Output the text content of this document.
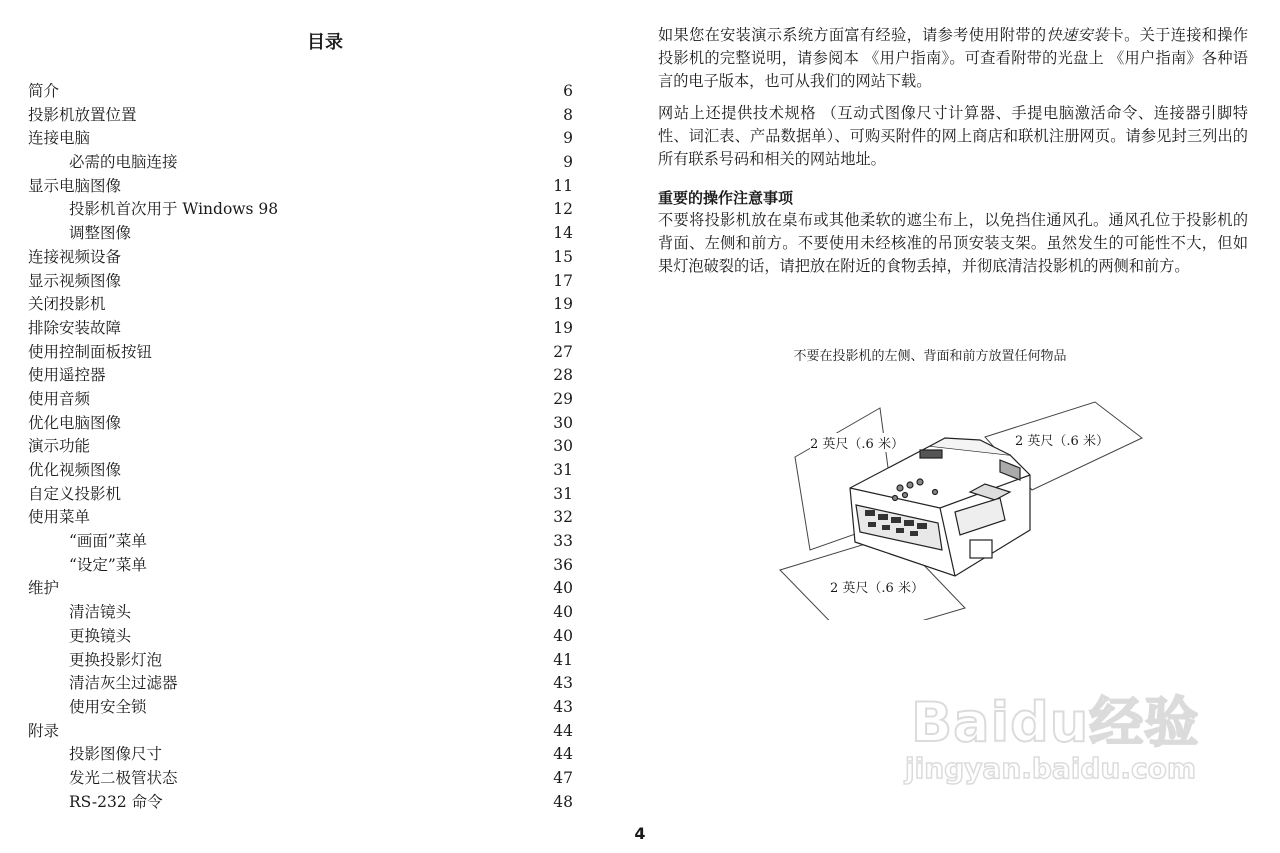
目录
简介	6
投影机放置位置	8
连接电脑	9
必需的电脑连接	9
显示电脑图像	11
投影机首次用于 Windows 98	12
调整图像	14
连接视频设备	15
显示视频图像	17
关闭投影机	19
排除安装故障	19
使用控制面板按钮	27
使用遥控器	28
使用音频	29
优化电脑图像	30
演示功能	30
优化视频图像	31
自定义投影机	31
使用菜单	32
“画面”菜单	33
“设定”菜单	36
维护	40
清洁镜头	40
更换镜头	40
更换投影灯泡	41
清洁灰尘过滤器	43
使用安全锁	43
附录	44
投影图像尺寸	44
发光二极管状态	47
RS-232 命令	48

如果您在安装演示系统方面富有经验，请参考使用附带的快速安装卡。关于连接和操作投影机的完整说明，请参阅本 《用户指南》。可查看附带的光盘上 《用户指南》各种语言的电子版本，也可从我们的网站下载。

网站上还提供技术规格 （互动式图像尺寸计算器、手提电脑激活命令、连接器引脚特性、词汇表、产品数据单）、可购买附件的网上商店和联机注册网页。请参见封三列出的所有联系号码和相关的网站地址。

重要的操作注意事项

不要将投影机放在桌布或其他柔软的遮尘布上，以免挡住通风孔。通风孔位于投影机的背面、左侧和前方。不要使用未经核准的吊顶安装支架。虽然发生的可能性不大，但如果灯泡破裂的话，请把放在附近的食物丢掉，并彻底清洁投影机的两侧和前方。

不要在投影机的左侧、背面和前方放置任何物品
2 英尺（.6 米）	2 英尺（.6 米）
2 英尺（.6 米）
Baidu经验
jingyan.baidu.com
4
